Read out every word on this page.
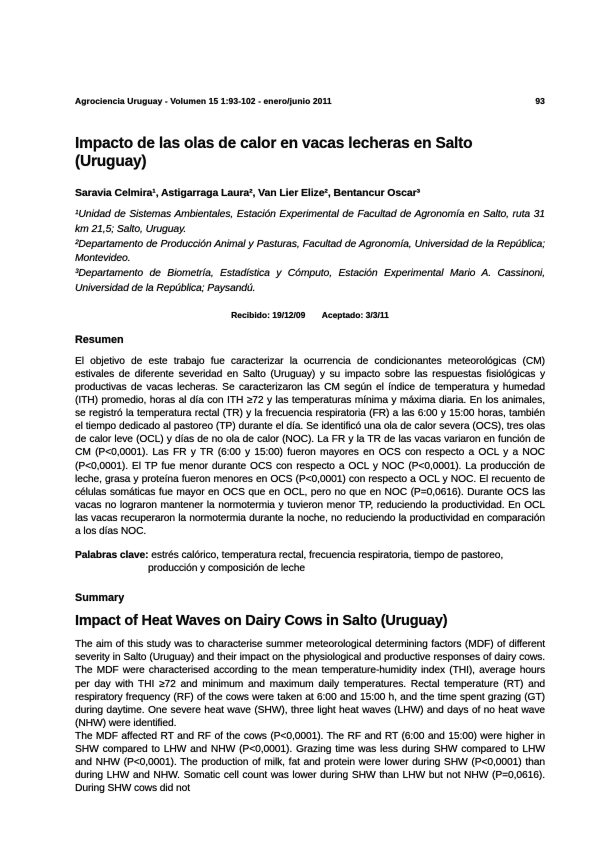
Agrociencia Uruguay - Volumen 15 1:93-102 - enero/junio 2011	93
Impacto de las olas de calor en vacas lecheras en Salto (Uruguay)
Saravia Celmira¹, Astigarraga Laura², Van Lier Elize², Bentancur Oscar³

¹Unidad de Sistemas Ambientales, Estación Experimental de Facultad de Agronomía en Salto, ruta 31 km 21,5; Salto, Uruguay.

²Departamento de Producción Animal y Pasturas, Facultad de Agronomía, Universidad de la República; Montevideo.

³Departamento de Biometría, Estadística y Cómputo, Estación Experimental Mario A. Cassinoni, Universidad de la República; Paysandú.

Recibido: 19/12/09 Aceptado: 3/3/11
Resumen

El objetivo de este trabajo fue caracterizar la ocurrencia de condicionantes meteorológicas (CM) estivales de diferente severidad en Salto (Uruguay) y su impacto sobre las respuestas fisiológicas y productivas de vacas lecheras. Se caracterizaron las CM según el índice de temperatura y humedad (ITH) promedio, horas al día con ITH ≥72 y las temperaturas mínima y máxima diaria. En los animales, se registró la temperatura rectal (TR) y la frecuencia respiratoria (FR) a las 6:00 y 15:00 horas, también el tiempo dedicado al pastoreo (TP) durante el día. Se identificó una ola de calor severa (OCS), tres olas de calor leve (OCL) y días de no ola de calor (NOC). La FR y la TR de las vacas variaron en función de CM (P<0,0001). Las FR y TR (6:00 y 15:00) fueron mayores en OCS con respecto a OCL y a NOC (P<0,0001). El TP fue menor durante OCS con respecto a OCL y NOC (P<0,0001). La producción de leche, grasa y proteína fueron menores en OCS (P<0,0001) con respecto a OCL y NOC. El recuento de células somáticas fue mayor en OCS que en OCL, pero no que en NOC (P=0,0616). Durante OCS las vacas no lograron mantener la normotermia y tuvieron menor TP, reduciendo la productividad. En OCL las vacas recuperaron la normotermia durante la noche, no reduciendo la productividad en comparación a los días NOC.

Palabras clave: estrés calórico, temperatura rectal, frecuencia respiratoria, tiempo de pastoreo, producción y composición de leche

Summary
Impact of Heat Waves on Dairy Cows in Salto (Uruguay)

The aim of this study was to characterise summer meteorological determining factors (MDF) of different severity in Salto (Uruguay) and their impact on the physiological and productive responses of dairy cows. The MDF were characterised according to the mean temperature-humidity index (THI), average hours per day with THI ≥72 and minimum and maximum daily temperatures. Rectal temperature (RT) and respiratory frequency (RF) of the cows were taken at 6:00 and 15:00 h, and the time spent grazing (GT) during daytime. One severe heat wave (SHW), three light heat waves (LHW) and days of no heat wave (NHW) were identified.

The MDF affected RT and RF of the cows (P<0,0001). The RF and RT (6:00 and 15:00) were higher in SHW compared to LHW and NHW (P<0,0001). Grazing time was less during SHW compared to LHW and NHW (P<0,0001). The production of milk, fat and protein were lower during SHW (P<0,0001) than during LHW and NHW. Somatic cell count was lower during SHW than LHW but not NHW (P=0,0616). During SHW cows did not
